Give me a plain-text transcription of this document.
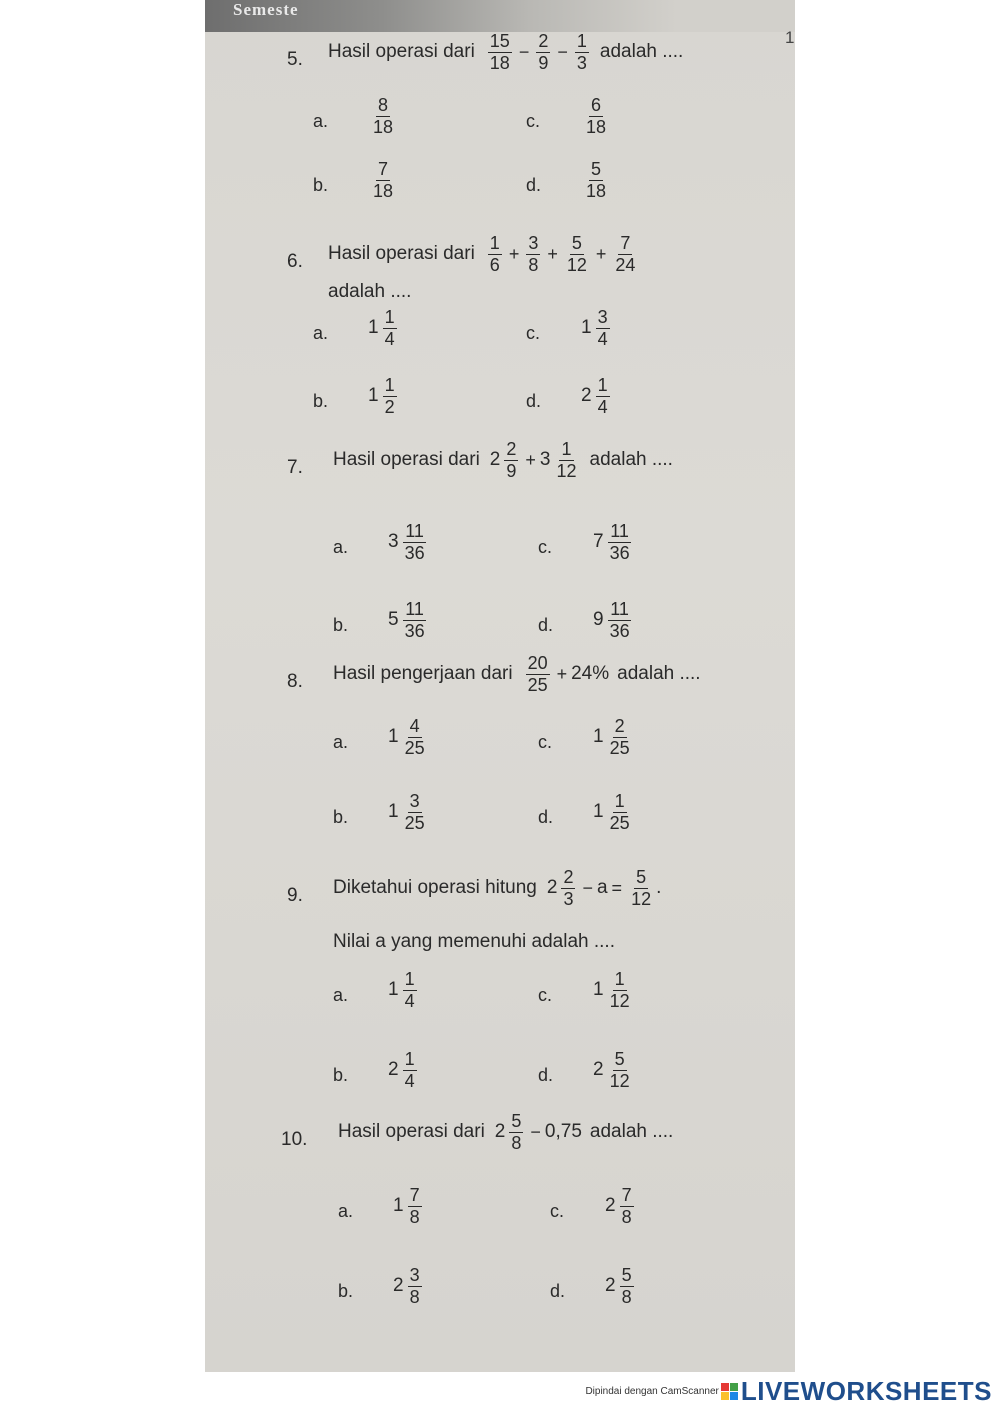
Semeste
1
5. Hasil operasi dari $\frac{15}{18} - \frac{2}{9} - \frac{1}{3}$ adalah ....
a. $\frac{8}{18}$	c. $\frac{6}{18}$
b. $\frac{7}{18}$	d. $\frac{5}{18}$
6. Hasil operasi dari $\frac{1}{6} + \frac{3}{8} + \frac{5}{12} + \frac{7}{24}$
adalah ....
a. $1 \frac{1}{4}$	c. $1 \frac{3}{4}$
b. $1 \frac{1}{2}$	d. $2 \frac{1}{4}$
7. Hasil operasi dari $2 \frac{2}{9} + 3 \frac{1}{12}$ adalah ....
a. $3 \frac{11}{36}$	c. $7 \frac{11}{36}$
b. $5 \frac{11}{36}$	d. $9 \frac{11}{36}$
8. Hasil pengerjaan dari $\frac{20}{25} + 24\%$ adalah ....
a. $1 \frac{4}{25}$	c. $1 \frac{2}{25}$
b. $1 \frac{3}{25}$	d. $1 \frac{1}{25}$
9. Diketahui operasi hitung $2 \frac{2}{3} - a = \frac{5}{12}$ .
Nilai a yang memenuhi adalah ....
a. $1 \frac{1}{4}$	c. $1 \frac{1}{12}$
b. $2 \frac{1}{4}$	d. $2 \frac{5}{12}$
10. Hasil operasi dari $2 \frac{5}{8} - 0,75$ adalah ....
a. $1 \frac{7}{8}$	c. $2 \frac{7}{8}$
b. $2 \frac{3}{8}$	d. $2 \frac{5}{8}$
Dipindai dengan CamScanner LIVEWORKSHEETS
